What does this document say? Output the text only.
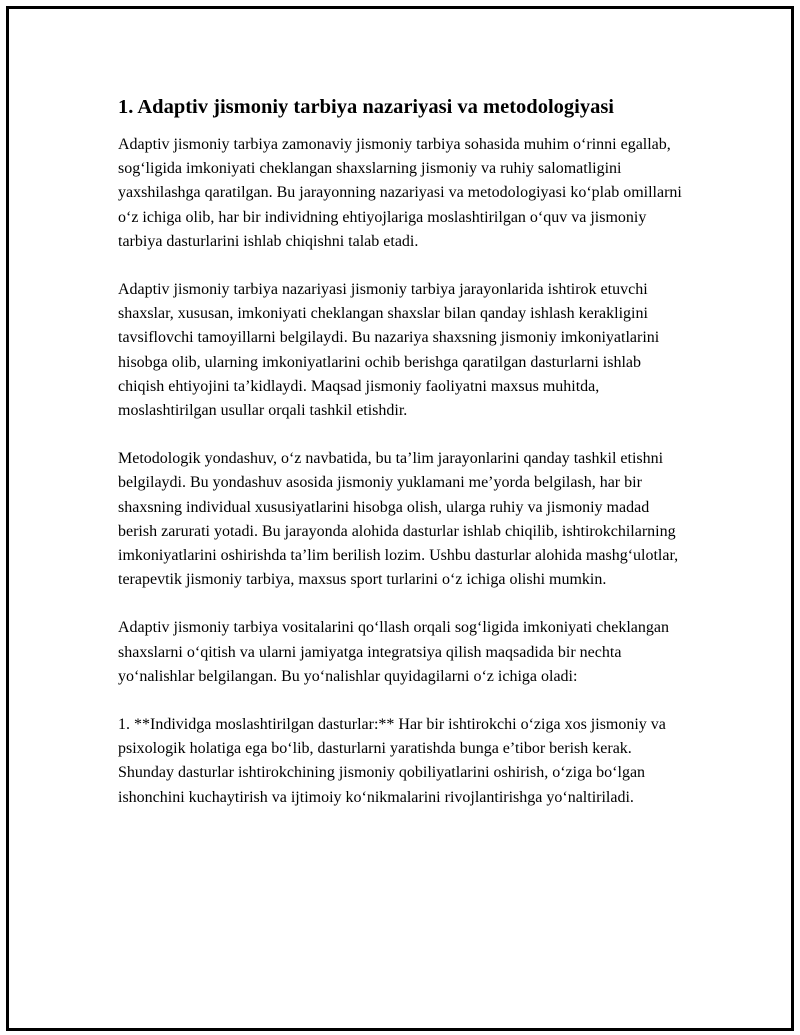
1. Adaptiv jismoniy tarbiya nazariyasi va metodologiyasi

Adaptiv jismoniy tarbiya zamonaviy jismoniy tarbiya sohasida muhim o‘rinni egallab, sog‘ligida imkoniyati cheklangan shaxslarning jismoniy va ruhiy salomatligini yaxshilashga qaratilgan. Bu jarayonning nazariyasi va metodologiyasi ko‘plab omillarni o‘z ichiga olib, har bir individning ehtiyojlariga moslashtirilgan o‘quv va jismoniy tarbiya dasturlarini ishlab chiqishni talab etadi.

Adaptiv jismoniy tarbiya nazariyasi jismoniy tarbiya jarayonlarida ishtirok etuvchi shaxslar, xususan, imkoniyati cheklangan shaxslar bilan qanday ishlash kerakligini tavsiflovchi tamoyillarni belgilaydi. Bu nazariya shaxsning jismoniy imkoniyatlarini hisobga olib, ularning imkoniyatlarini ochib berishga qaratilgan dasturlarni ishlab chiqish ehtiyojini ta’kidlaydi. Maqsad jismoniy faoliyatni maxsus muhitda, moslashtirilgan usullar orqali tashkil etishdir.

Metodologik yondashuv, o‘z navbatida, bu ta’lim jarayonlarini qanday tashkil etishni belgilaydi. Bu yondashuv asosida jismoniy yuklamani me’yorda belgilash, har bir shaxsning individual xususiyatlarini hisobga olish, ularga ruhiy va jismoniy madad berish zarurati yotadi. Bu jarayonda alohida dasturlar ishlab chiqilib, ishtirokchilarning imkoniyatlarini oshirishda ta’lim berilish lozim. Ushbu dasturlar alohida mashg‘ulotlar, terapevtik jismoniy tarbiya, maxsus sport turlarini o‘z ichiga olishi mumkin.

Adaptiv jismoniy tarbiya vositalarini qo‘llash orqali sog‘ligida imkoniyati cheklangan shaxslarni o‘qitish va ularni jamiyatga integratsiya qilish maqsadida bir nechta yo‘nalishlar belgilangan. Bu yo‘nalishlar quyidagilarni o‘z ichiga oladi:

1. **Individga moslashtirilgan dasturlar:** Har bir ishtirokchi o‘ziga xos jismoniy va psixologik holatiga ega bo‘lib, dasturlarni yaratishda bunga e’tibor berish kerak. Shunday dasturlar ishtirokchining jismoniy qobiliyatlarini oshirish, o‘ziga bo‘lgan ishonchini kuchaytirish va ijtimoiy ko‘nikmalarini rivojlantirishga yo‘naltiriladi.
